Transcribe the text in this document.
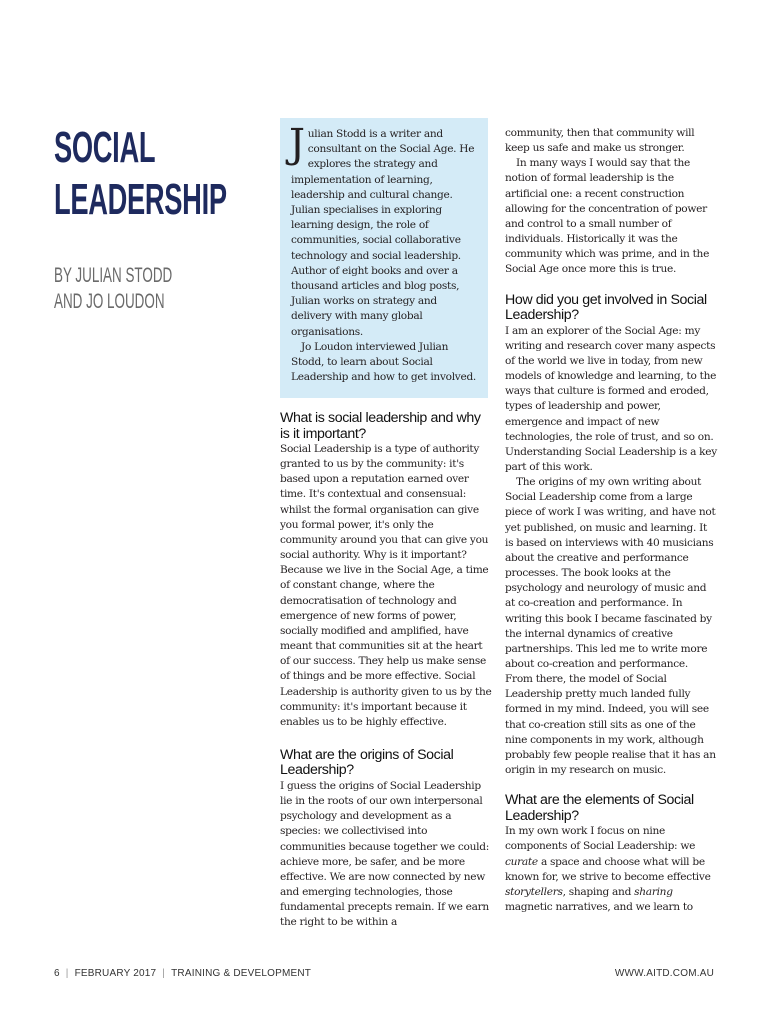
SOCIAL
LEADERSHIP
BY JULIAN STODD
AND JO LOUDON

Julian Stodd is a writer and consultant on the Social Age. He explores the strategy and implementation of learning, leadership and cultural change. Julian specialises in exploring learning design, the role of communities, social collaborative technology and social leadership. Author of eight books and over a thousand articles and blog posts, Julian works on strategy and delivery with many global organisations.

Jo Loudon interviewed Julian Stodd, to learn about Social Leadership and how to get involved.

What is social leadership and why is it important?

Social Leadership is a type of authority granted to us by the community: it's based upon a reputation earned over time. It's contextual and consensual: whilst the formal organisation can give you formal power, it's only the community around you that can give you social authority. Why is it important? Because we live in the Social Age, a time of constant change, where the democratisation of technology and emergence of new forms of power, socially modified and amplified, have meant that communities sit at the heart of our success. They help us make sense of things and be more effective. Social Leadership is authority given to us by the community: it's important because it enables us to be highly effective.

What are the origins of Social Leadership?

I guess the origins of Social Leadership lie in the roots of our own interpersonal psychology and development as a species: we collectivised into communities because together we could: achieve more, be safer, and be more effective. We are now connected by new and emerging technologies, those fundamental precepts remain. If we earn the right to be within a

community, then that community will keep us safe and make us stronger.

In many ways I would say that the notion of formal leadership is the artificial one: a recent construction allowing for the concentration of power and control to a small number of individuals. Historically it was the community which was prime, and in the Social Age once more this is true.

How did you get involved in Social Leadership?

I am an explorer of the Social Age: my writing and research cover many aspects of the world we live in today, from new models of knowledge and learning, to the ways that culture is formed and eroded, types of leadership and power, emergence and impact of new technologies, the role of trust, and so on. Understanding Social Leadership is a key part of this work.

The origins of my own writing about Social Leadership come from a large piece of work I was writing, and have not yet published, on music and learning. It is based on interviews with 40 musicians about the creative and performance processes. The book looks at the psychology and neurology of music and at co-creation and performance. In writing this book I became fascinated by the internal dynamics of creative partnerships. This led me to write more about co-creation and performance. From there, the model of Social Leadership pretty much landed fully formed in my mind. Indeed, you will see that co-creation still sits as one of the nine components in my work, although probably few people realise that it has an origin in my research on music.

What are the elements of Social Leadership?

In my own work I focus on nine components of Social Leadership: we curate a space and choose what will be known for, we strive to become effective storytellers, shaping and sharing magnetic narratives, and we learn to

6 | FEBRUARY 2017 | TRAINING & DEVELOPMENT	WWW.AITD.COM.AU
